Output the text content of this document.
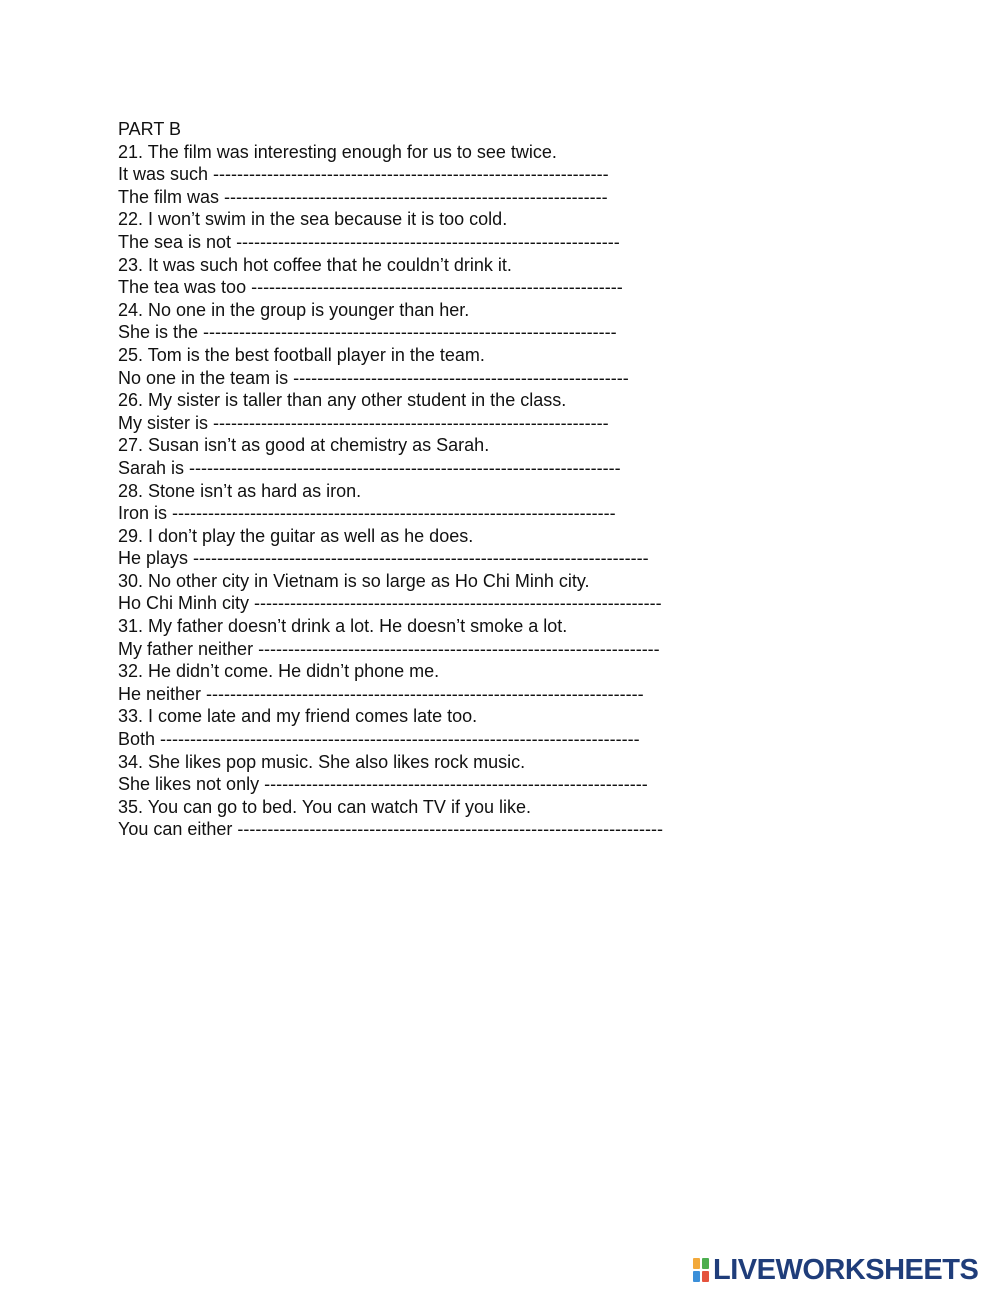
PART B

21. The film was interesting enough for us to see twice.

It was such ------------------------------------------------------------------

The film was ----------------------------------------------------------------

22. I won’t swim in the sea because it is too cold.

The sea is not ----------------------------------------------------------------

23. It was such hot coffee that he couldn’t drink it.

The tea was too --------------------------------------------------------------

24. No one in the group is younger than her.

She is the ---------------------------------------------------------------------

25. Tom is the best football player in the team.

No one in the team is --------------------------------------------------------

26. My sister is taller than any other student in the class.

My sister is ------------------------------------------------------------------

27. Susan isn’t as good at chemistry as Sarah.

Sarah is ------------------------------------------------------------------------

28. Stone isn’t as hard as iron.

Iron is --------------------------------------------------------------------------

29. I don’t play the guitar as well as he does.

He plays ----------------------------------------------------------------------------

30. No other city in Vietnam is so large as Ho Chi Minh city.

Ho Chi Minh city --------------------------------------------------------------------

31. My father doesn’t drink a lot. He doesn’t smoke a lot.

My father neither -------------------------------------------------------------------

32. He didn’t come. He didn’t phone me.

He neither -------------------------------------------------------------------------

33. I come late and my friend comes late too.

Both --------------------------------------------------------------------------------

34. She likes pop music. She also likes rock music.

She likes not only ----------------------------------------------------------------

35. You can go to bed. You can watch TV if you like.

You can either -----------------------------------------------------------------------

LIVEWORKSHEETS
